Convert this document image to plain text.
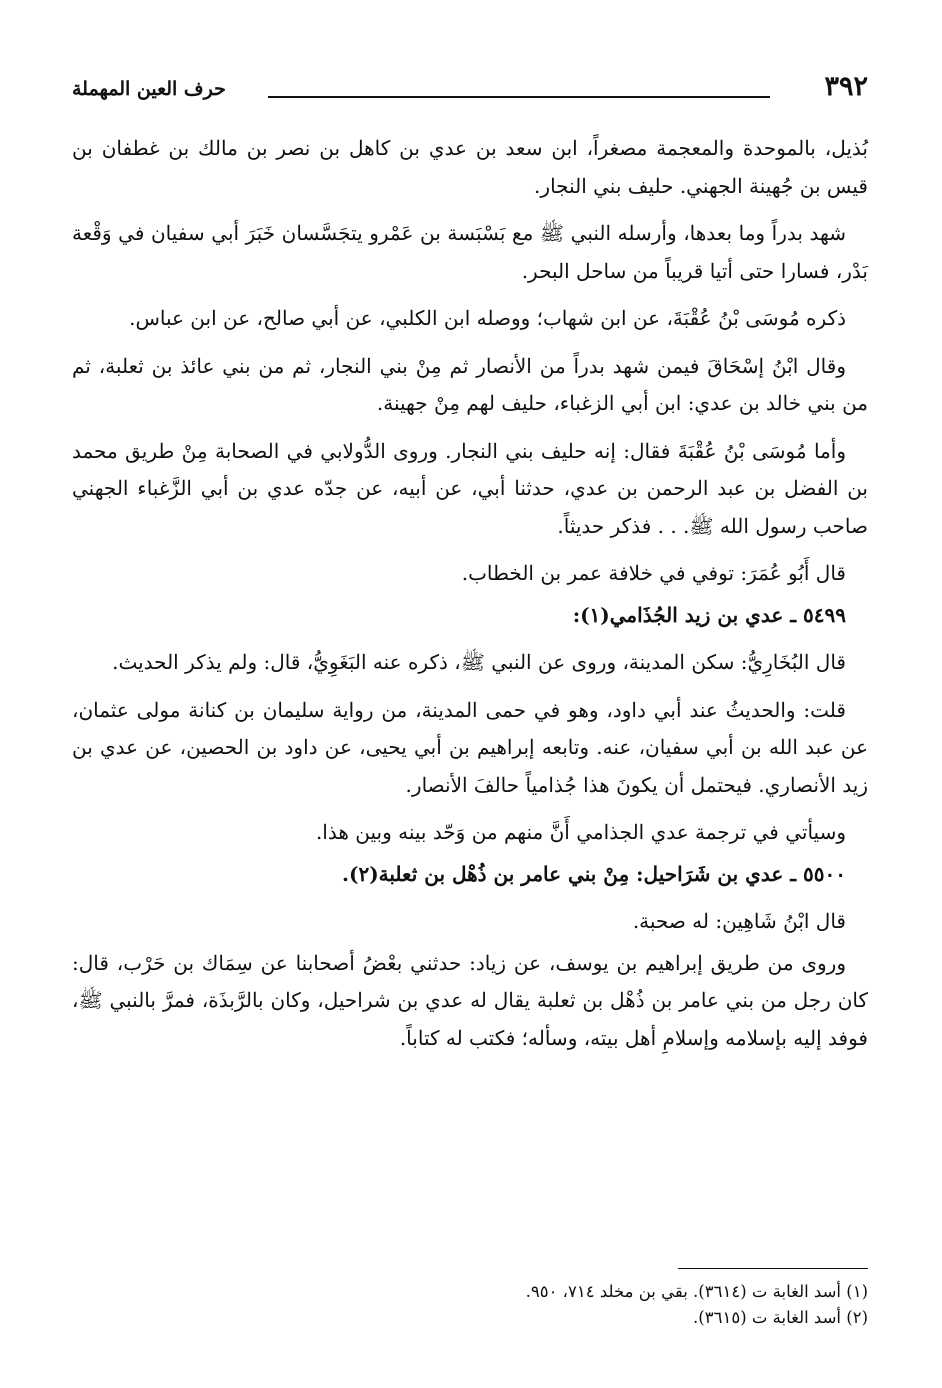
٣٩٢
حرف العين المهملة

بُذيل، بالموحدة والمعجمة مصغراً، ابن سعد بن عدي بن كاهل بن نصر بن مالك بن غطفان بن قيس بن جُهينة الجهني. حليف بني النجار.

شهد بدراً وما بعدها، وأرسله النبي ﷺ مع بَسْبَسة بن عَمْرو يتجَسَّسان خَبَرَ أبي سفيان في وَقْعة بَدْر، فسارا حتى أتيا قريباً من ساحل البحر.

ذكره مُوسَى بْنُ عُقْبَةَ، عن ابن شهاب؛ ووصله ابن الكلبي، عن أبي صالح، عن ابن عباس.

وقال ابْنُ إسْحَاقَ فيمن شهد بدراً من الأنصار ثم مِنْ بني النجار، ثم من بني عائذ بن ثعلبة، ثم من بني خالد بن عدي: ابن أبي الزغباء، حليف لهم مِنْ جهينة.

وأما مُوسَى بْنُ عُقْبَةَ فقال: إنه حليف بني النجار. وروى الدُّولابي في الصحابة مِنْ طريق محمد بن الفضل بن عبد الرحمن بن عدي، حدثنا أبي، عن أبيه، عن جدّه عدي بن أبي الزَّغباء الجهني صاحب رسول الله ﷺ. . . فذكر حديثاً.

قال أَبُو عُمَرَ: توفي في خلافة عمر بن الخطاب.

٥٤٩٩ ـ عدي بن زيد الجُذَامي(١):

قال البُخَارِيُّ: سكن المدينة، وروى عن النبي ﷺ، ذكره عنه البَغَوِيُّ، قال: ولم يذكر الحديث.

قلت: والحديثُ عند أبي داود، وهو في حمى المدينة، من رواية سليمان بن كنانة مولى عثمان، عن عبد الله بن أبي سفيان، عنه. وتابعه إبراهيم بن أبي يحيى، عن داود بن الحصين، عن عدي بن زيد الأنصاري. فيحتمل أن يكونَ هذا جُذامياً حالفَ الأنصار.

وسيأتي في ترجمة عدي الجذامي أَنَّ منهم من وَحّد بينه وبين هذا.

٥٥٠٠ ـ عدي بن شَرَاحيل: مِنْ بني عامر بن ذُهْل بن ثعلبة(٢).

قال ابْنُ شَاهِين: له صحبة.

وروى من طريق إبراهيم بن يوسف، عن زياد: حدثني بعْضُ أصحابنا عن سِمَاك بن حَرْب، قال: كان رجل من بني عامر بن ذُهْل بن ثعلبة يقال له عدي بن شراحيل، وكان بالرَّبذَة، فمرَّ بالنبي ﷺ، فوفد إليه بإسلامه وإسلامِ أهل بيته، وسأله؛ فكتب له كتاباً.

(١) أسد الغابة ت (٣٦١٤). بقي بن مخلد ٧١٤، ٩٥٠.

(٢) أسد الغابة ت (٣٦١٥).
